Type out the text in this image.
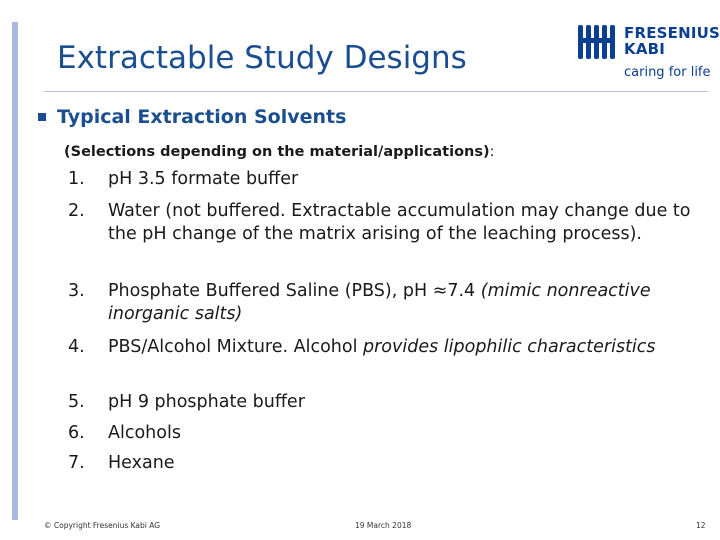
Extractable Study Designs
FRESENIUS
KABI
caring for life
Typical Extraction Solvents
(Selections depending on the material/applications):
1. pH 3.5 formate buffer
2. Water (not buffered. Extractable accumulation may change due to the pH change of the matrix arising of the leaching process).
3. Phosphate Buffered Saline (PBS), pH ≈7.4 (mimic nonreactive inorganic salts)
4. PBS/Alcohol Mixture. Alcohol provides lipophilic characteristics
5. pH 9 phosphate buffer
6. Alcohols
7. Hexane
© Copyright Fresenius Kabi AG	19 March 2018	12
